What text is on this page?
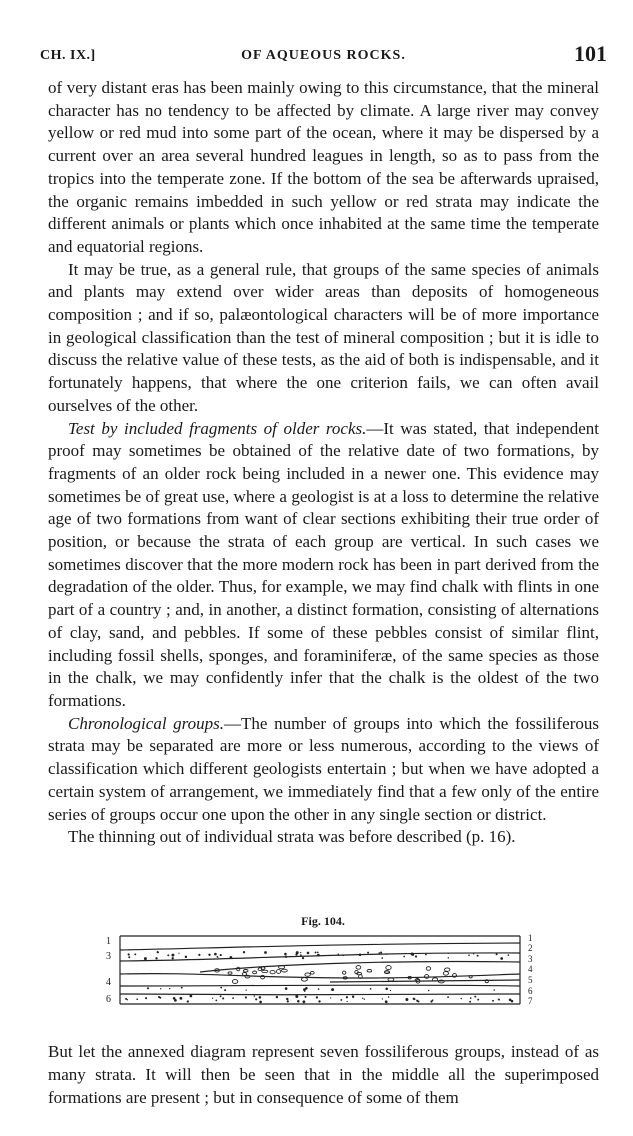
CH. IX.]	OF AQUEOUS ROCKS.	101

of very distant eras has been mainly owing to this circumstance, that the mineral character has no tendency to be affected by climate. A large river may convey yellow or red mud into some part of the ocean, where it may be dispersed by a current over an area several hundred leagues in length, so as to pass from the tropics into the temperate zone. If the bottom of the sea be afterwards upraised, the organic remains imbedded in such yellow or red strata may indicate the different animals or plants which once inhabited at the same time the temperate and equatorial regions.

It may be true, as a general rule, that groups of the same species of animals and plants may extend over wider areas than deposits of homogeneous composition ; and if so, palæontological characters will be of more importance in geological classification than the test of mineral composition ; but it is idle to discuss the relative value of these tests, as the aid of both is indispensable, and it fortunately happens, that where the one criterion fails, we can often avail ourselves of the other.

Test by included fragments of older rocks.—It was stated, that independent proof may sometimes be obtained of the relative date of two formations, by fragments of an older rock being included in a newer one. This evidence may sometimes be of great use, where a geologist is at a loss to determine the relative age of two formations from want of clear sections exhibiting their true order of position, or because the strata of each group are vertical. In such cases we sometimes discover that the more modern rock has been in part derived from the degradation of the older. Thus, for example, we may find chalk with flints in one part of a country ; and, in another, a distinct formation, consisting of alternations of clay, sand, and pebbles. If some of these pebbles consist of similar flint, including fossil shells, sponges, and foraminiferæ, of the same species as those in the chalk, we may confidently infer that the chalk is the oldest of the two formations.

Chronological groups.—The number of groups into which the fossiliferous strata may be separated are more or less numerous, according to the views of classification which different geologists entertain ; but when we have adopted a certain system of arrangement, we immediately find that a few only of the entire series of groups occur one upon the other in any single section or district.

The thinning out of individual strata was before described (p. 16).

Fig. 104.
1
3
4
6
1
2
3
4
5
6
7

But let the annexed diagram represent seven fossiliferous groups, instead of as many strata. It will then be seen that in the middle all the superimposed formations are present ; but in consequence of some of them
